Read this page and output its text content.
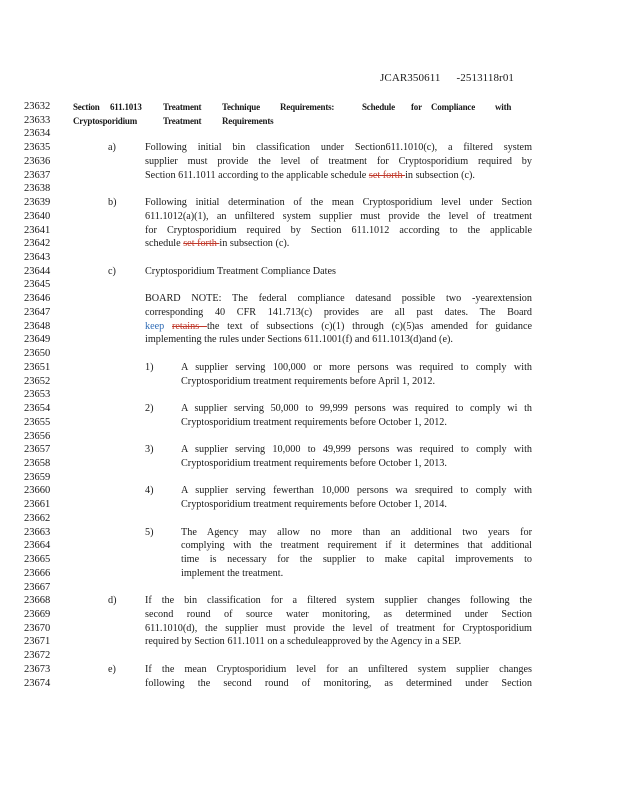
JCAR350611 -2513118r01
23632	Section 611.1013 Treatment Technique Requirements:	Schedule for Compliance with
23633	Cryptosporidium	Treatment Requirements
23634
23635	a)	Following initial bin classification under Section611.1010(c), a filtered system
23636	supplier must provide the level of treatment for Cryptosporidium required by
23637	Section 611.1011 according to the applicable schedule set forth in subsection (c).
23638
23639	b)	Following initial determination of the mean Cryptosporidium level under Section
23640	611.1012(a)(1), an unfiltered system supplier must provide the level of treatment
23641	for Cryptosporidium required by Section 611.1012 according to the applicable
23642	schedule set forth in subsection (c).
23643
23644	c)	Cryptosporidium Treatment Compliance Dates
23645
23646	BOARD NOTE: The federal compliance datesand possible two -yearextension
23647	corresponding 40 CFR 141.713(c) provides are all past dates. The Board
23648	keep retains the text of subsections (c)(1) through (c)(5)as amended for guidance
23649	implementing the rules under Sections 611.1001(f) and 611.1013(d)and (e).
23650
23651	1)	A supplier serving 100,000 or more persons was required to comply with
23652	Cryptosporidium treatment requirements before April 1, 2012.
23653
23654	2)	A supplier serving 50,000 to 99,999 persons was required to comply wi th
23655	Cryptosporidium treatment requirements before October 1, 2012.
23656
23657	3)	A supplier serving 10,000 to 49,999 persons was required to comply with
23658	Cryptosporidium treatment requirements before October 1, 2013.
23659
23660	4)	A supplier serving fewerthan 10,000 persons wa srequired to comply with
23661	Cryptosporidium treatment requirements before October 1, 2014.
23662
23663	5)	The Agency may allow no more than an additional two years for
23664	complying with the treatment requirement if it determines that additional
23665	time is necessary for the supplier to make capital improvements to
23666	implement the treatment.
23667
23668	d)	If the bin classification for a filtered system supplier changes following the
23669	second round of source water monitoring, as determined under Section
23670	611.1010(d), the supplier must provide the level of treatment for Cryptosporidium
23671	required by Section 611.1011 on a scheduleapproved by the Agency in a SEP.
23672
23673	e)	If the mean Cryptosporidium level for an unfiltered system supplier changes
23674	following the second round of monitoring, as determined under Section
